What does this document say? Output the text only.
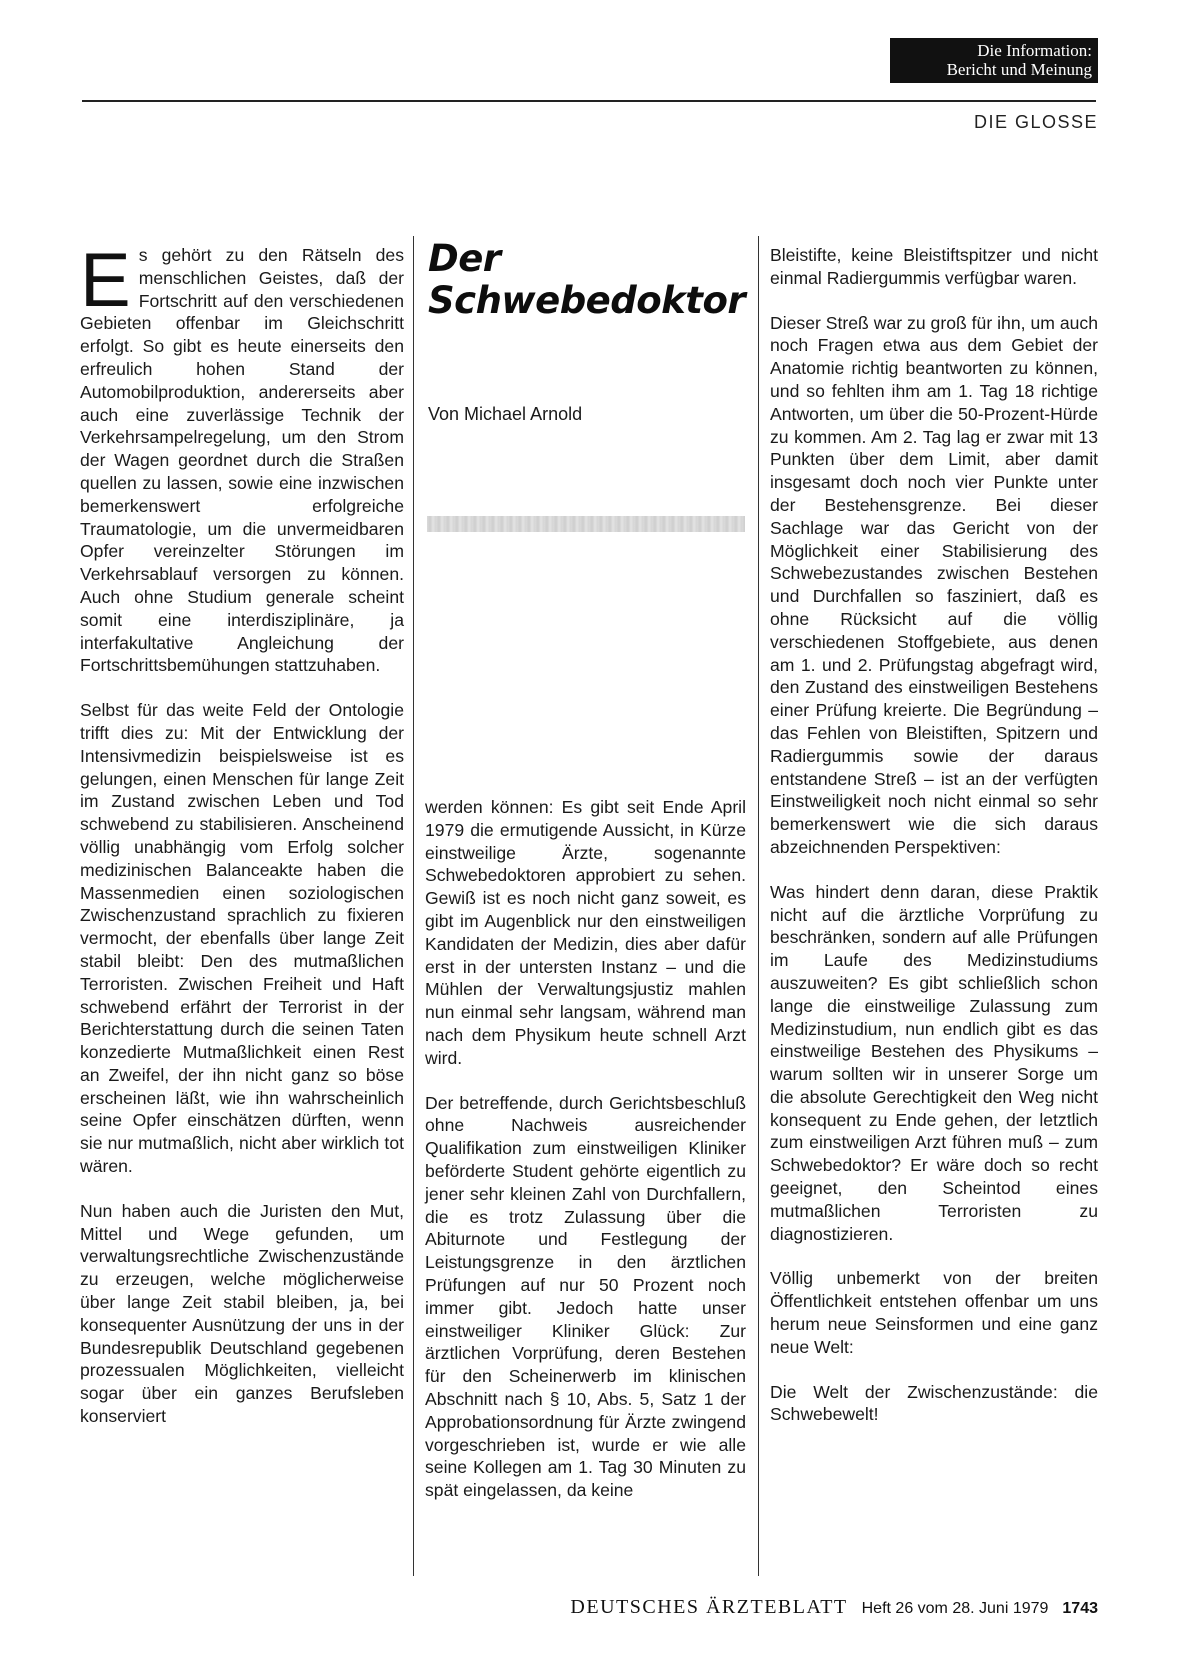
Die Information:
Bericht und Meinung
DIE GLOSSE

Es gehört zu den Rätseln des menschlichen Geistes, daß der Fortschritt auf den verschiedenen Gebieten offenbar im Gleichschritt erfolgt. So gibt es heute einerseits den erfreulich hohen Stand der Automobilproduktion, andererseits aber auch eine zuverlässige Technik der Verkehrsampelregelung, um den Strom der Wagen geordnet durch die Straßen quellen zu lassen, sowie eine inzwischen bemerkenswert erfolgreiche Traumatologie, um die unvermeidbaren Opfer vereinzelter Störungen im Verkehrsablauf versorgen zu können. Auch ohne Studium generale scheint somit eine interdisziplinäre, ja interfakultative Angleichung der Fortschrittsbemühungen stattzuhaben.

Selbst für das weite Feld der Ontologie trifft dies zu: Mit der Entwicklung der Intensivmedizin beispielsweise ist es gelungen, einen Menschen für lange Zeit im Zustand zwischen Leben und Tod schwebend zu stabilisieren. Anscheinend völlig unabhängig vom Erfolg solcher medizinischen Balanceakte haben die Massenmedien einen soziologischen Zwischenzustand sprachlich zu fixieren vermocht, der ebenfalls über lange Zeit stabil bleibt: Den des mutmaßlichen Terroristen. Zwischen Freiheit und Haft schwebend erfährt der Terrorist in der Berichterstattung durch die seinen Taten konzedierte Mutmaßlichkeit einen Rest an Zweifel, der ihn nicht ganz so böse erscheinen läßt, wie ihn wahrscheinlich seine Opfer einschätzen dürften, wenn sie nur mutmaßlich, nicht aber wirklich tot wären.

Nun haben auch die Juristen den Mut, Mittel und Wege gefunden, um verwaltungsrechtliche Zwischenzustände zu erzeugen, welche möglicherweise über lange Zeit stabil bleiben, ja, bei konsequenter Ausnützung der uns in der Bundesrepublik Deutschland gegebenen prozessualen Möglichkeiten, vielleicht sogar über ein ganzes Berufsleben konserviert

Der
Schwebedoktor
Von Michael Arnold

werden können: Es gibt seit Ende April 1979 die ermutigende Aussicht, in Kürze einstweilige Ärzte, sogenannte Schwebedoktoren approbiert zu sehen. Gewiß ist es noch nicht ganz soweit, es gibt im Augenblick nur den einstweiligen Kandidaten der Medizin, dies aber dafür erst in der untersten Instanz – und die Mühlen der Verwaltungsjustiz mahlen nun einmal sehr langsam, während man nach dem Physikum heute schnell Arzt wird.

Der betreffende, durch Gerichtsbeschluß ohne Nachweis ausreichender Qualifikation zum einstweiligen Kliniker beförderte Student gehörte eigentlich zu jener sehr kleinen Zahl von Durchfallern, die es trotz Zulassung über die Abiturnote und Festlegung der Leistungsgrenze in den ärztlichen Prüfungen auf nur 50 Prozent noch immer gibt. Jedoch hatte unser einstweiliger Kliniker Glück: Zur ärztlichen Vorprüfung, deren Bestehen für den Scheinerwerb im klinischen Abschnitt nach § 10, Abs. 5, Satz 1 der Approbationsordnung für Ärzte zwingend vorgeschrieben ist, wurde er wie alle seine Kollegen am 1. Tag 30 Minuten zu spät eingelassen, da keine

Bleistifte, keine Bleistiftspitzer und nicht einmal Radiergummis verfügbar waren.

Dieser Streß war zu groß für ihn, um auch noch Fragen etwa aus dem Gebiet der Anatomie richtig beantworten zu können, und so fehlten ihm am 1. Tag 18 richtige Antworten, um über die 50-Prozent-Hürde zu kommen. Am 2. Tag lag er zwar mit 13 Punkten über dem Limit, aber damit insgesamt doch noch vier Punkte unter der Bestehensgrenze. Bei dieser Sachlage war das Gericht von der Möglichkeit einer Stabilisierung des Schwebezustandes zwischen Bestehen und Durchfallen so fasziniert, daß es ohne Rücksicht auf die völlig verschiedenen Stoffgebiete, aus denen am 1. und 2. Prüfungstag abgefragt wird, den Zustand des einstweiligen Bestehens einer Prüfung kreierte. Die Begründung – das Fehlen von Bleistiften, Spitzern und Radiergummis sowie der daraus entstandene Streß – ist an der verfügten Einstweiligkeit noch nicht einmal so sehr bemerkenswert wie die sich daraus abzeichnenden Perspektiven:

Was hindert denn daran, diese Praktik nicht auf die ärztliche Vorprüfung zu beschränken, sondern auf alle Prüfungen im Laufe des Medizinstudiums auszuweiten? Es gibt schließlich schon lange die einstweilige Zulassung zum Medizinstudium, nun endlich gibt es das einstweilige Bestehen des Physikums – warum sollten wir in unserer Sorge um die absolute Gerechtigkeit den Weg nicht konsequent zu Ende gehen, der letztlich zum einstweiligen Arzt führen muß – zum Schwebedoktor? Er wäre doch so recht geeignet, den Scheintod eines mutmaßlichen Terroristen zu diagnostizieren.

Völlig unbemerkt von der breiten Öffentlichkeit entstehen offenbar um uns herum neue Seinsformen und eine ganz neue Welt:

Die Welt der Zwischenzustände: die Schwebewelt!

DEUTSCHES ÄRZTEBLATT Heft 26 vom 28. Juni 1979 1743
